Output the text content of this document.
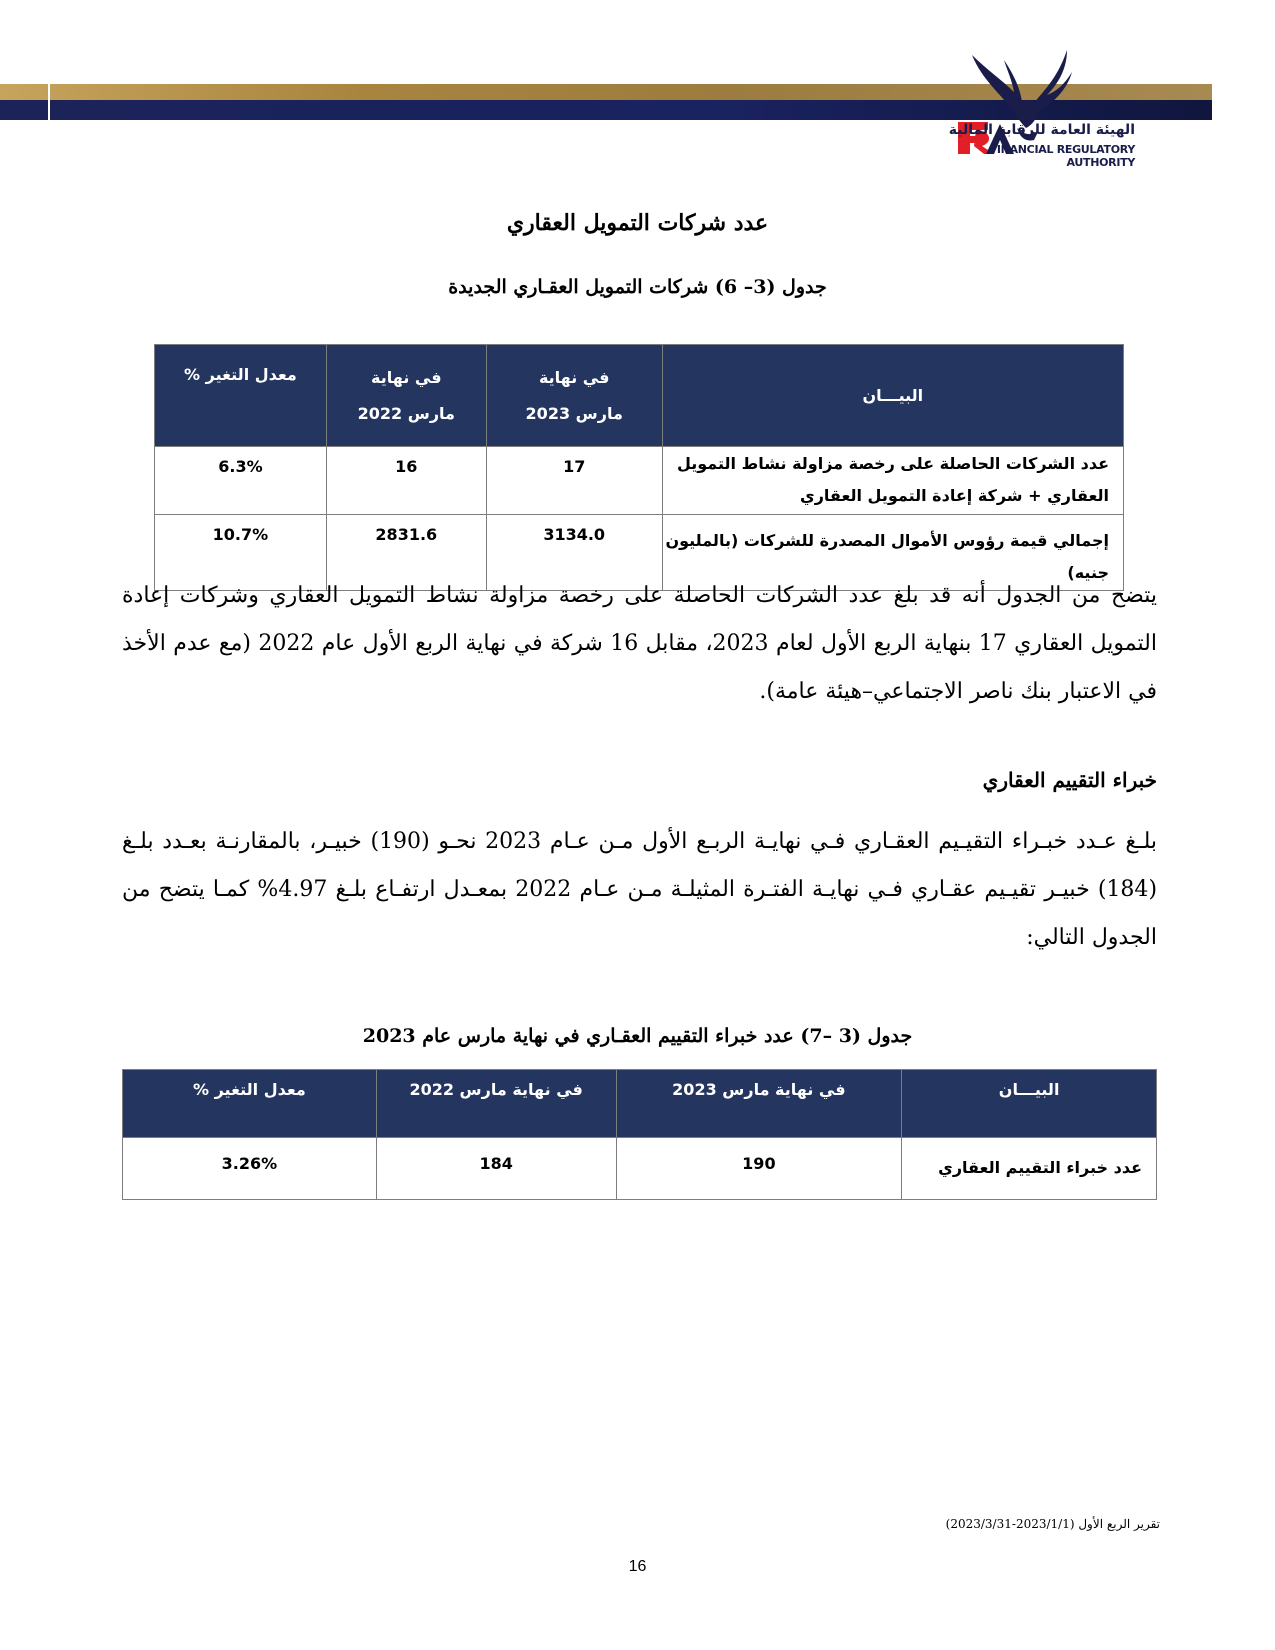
الهيئة العامة للرقابة المالية
FINANCIAL REGULATORY AUTHORITY
عدد شركات التمويل العقاري
جدول (3– 6) شركات التمويل العقـاري الجديدة
البيـــان	في نهاية مارس 2023	في نهاية مارس 2022	معدل التغير %
عدد الشركات الحاصلة على رخصة مزاولة نشاط التمويل العقاري + شركة إعادة التمويل العقاري	17	16	6.3%
إجمالي قيمة رؤوس الأموال المصدرة للشركات (بالمليون جنيه)	3134.0	2831.6	10.7%
يتضح من الجدول أنه قد بلغ عدد الشركات الحاصلة على رخصة مزاولة نشاط التمويل العقاري وشركات إعادة التمويل العقاري 17 بنهاية الربع الأول لعام 2023، مقابل 16 شركة في نهاية الربع الأول عام 2022 (مع عدم الأخذ في الاعتبار بنك ناصر الاجتماعي–هيئة عامة).
خبراء التقييم العقاري
بلـغ عـدد خبـراء التقيـيم العقـاري فـي نهايـة الربـع الأول مـن عـام 2023 نحـو (190) خبيـر، بالمقارنـة بعـدد بلـغ (184) خبيـر تقيـيم عقـاري فـي نهايـة الفتـرة المثيلـة مـن عـام 2022 بمعـدل ارتفـاع بلـغ 4.97% كمـا يتضح من الجدول التالي:
جدول (3 –7) عدد خبراء التقييم العقـاري في نهاية مارس عام 2023
البيـــان	في نهاية مارس 2023	في نهاية مارس 2022	معدل التغير %
عدد خبراء التقييم العقاري	190	184	3.26%
تقرير الربع الأول (2023/1/1-2023/3/31)
16
